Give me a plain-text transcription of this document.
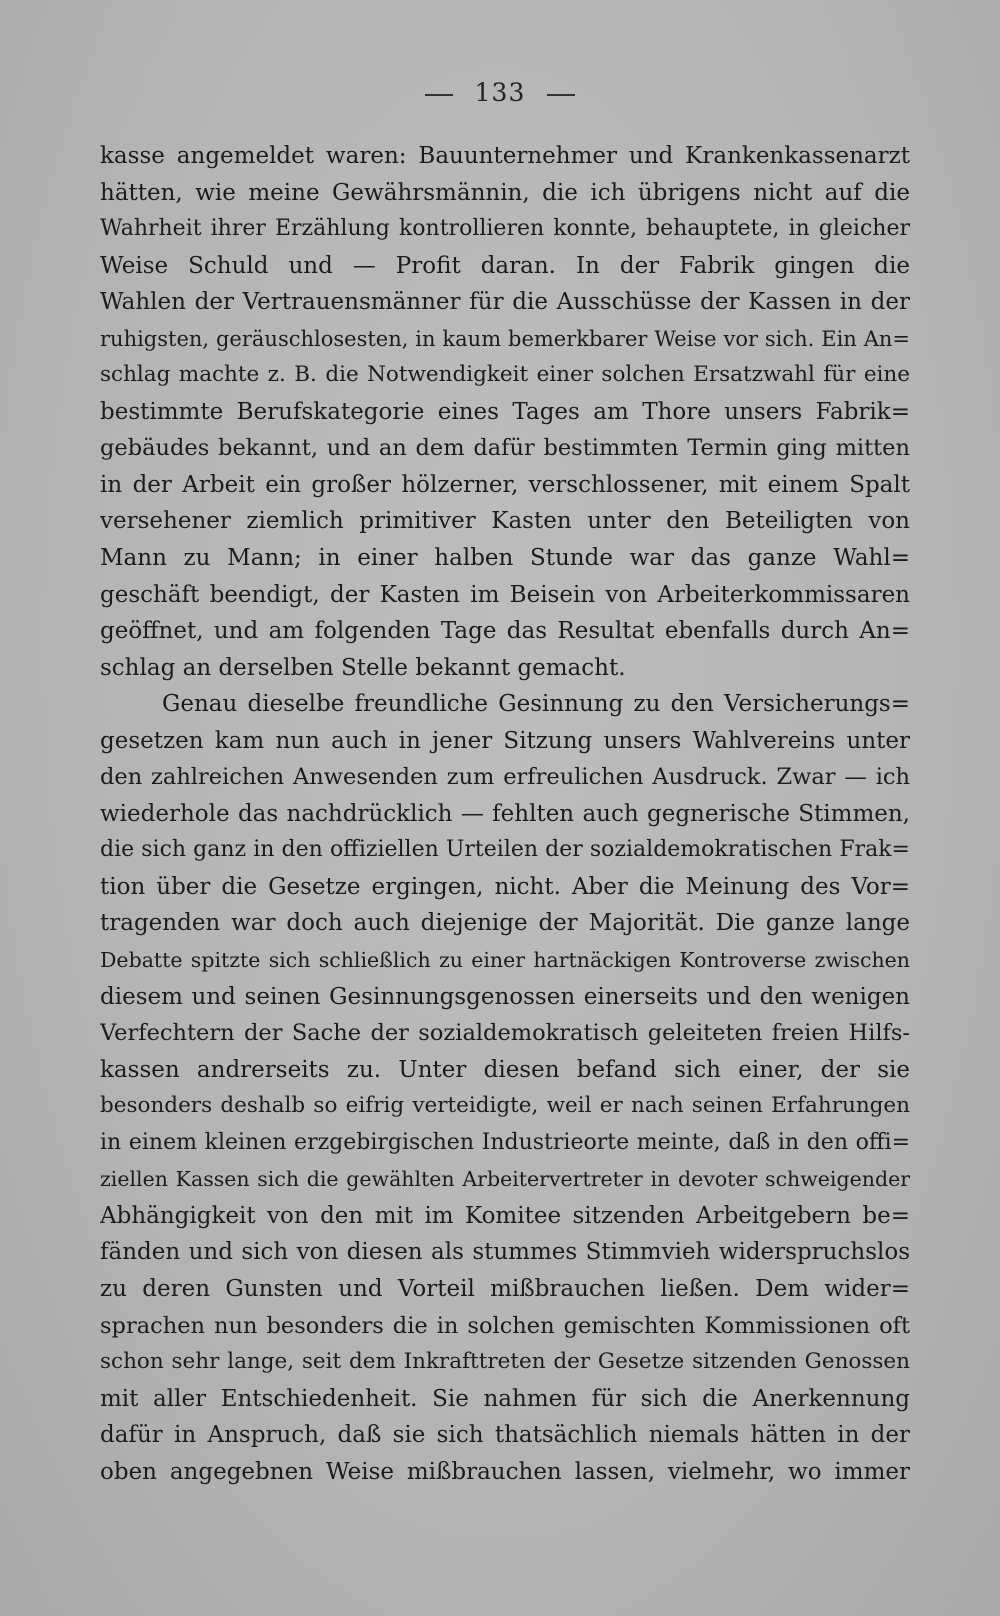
133
kasse angemeldet waren: Bauunternehmer und Krankenkassenarzt
hätten, wie meine Gewährsmännin, die ich übrigens nicht auf die
Wahrheit ihrer Erzählung kontrollieren konnte, behauptete, in gleicher
Weise Schuld und — Profit daran. In der Fabrik gingen die
Wahlen der Vertrauensmänner für die Ausschüsse der Kassen in der
ruhigsten, geräuschlosesten, in kaum bemerkbarer Weise vor sich. Ein An=
schlag machte z. B. die Notwendigkeit einer solchen Ersatzwahl für eine
bestimmte Berufskategorie eines Tages am Thore unsers Fabrik=
gebäudes bekannt, und an dem dafür bestimmten Termin ging mitten
in der Arbeit ein großer hölzerner, verschlossener, mit einem Spalt
versehener ziemlich primitiver Kasten unter den Beteiligten von
Mann zu Mann; in einer halben Stunde war das ganze Wahl=
geschäft beendigt, der Kasten im Beisein von Arbeiterkommissaren
geöffnet, und am folgenden Tage das Resultat ebenfalls durch An=
schlag an derselben Stelle bekannt gemacht.
Genau dieselbe freundliche Gesinnung zu den Versicherungs=
gesetzen kam nun auch in jener Sitzung unsers Wahlvereins unter
den zahlreichen Anwesenden zum erfreulichen Ausdruck. Zwar — ich
wiederhole das nachdrücklich — fehlten auch gegnerische Stimmen,
die sich ganz in den offiziellen Urteilen der sozialdemokratischen Frak=
tion über die Gesetze ergingen, nicht. Aber die Meinung des Vor=
tragenden war doch auch diejenige der Majorität. Die ganze lange
Debatte spitzte sich schließlich zu einer hartnäckigen Kontroverse zwischen
diesem und seinen Gesinnungsgenossen einerseits und den wenigen
Verfechtern der Sache der sozialdemokratisch geleiteten freien Hilfs-
kassen andrerseits zu. Unter diesen befand sich einer, der sie
besonders deshalb so eifrig verteidigte, weil er nach seinen Erfahrungen
in einem kleinen erzgebirgischen Industrieorte meinte, daß in den offi=
ziellen Kassen sich die gewählten Arbeitervertreter in devoter schweigender
Abhängigkeit von den mit im Komitee sitzenden Arbeitgebern be=
fänden und sich von diesen als stummes Stimmvieh widerspruchslos
zu deren Gunsten und Vorteil mißbrauchen ließen. Dem wider=
sprachen nun besonders die in solchen gemischten Kommissionen oft
schon sehr lange, seit dem Inkrafttreten der Gesetze sitzenden Genossen
mit aller Entschiedenheit. Sie nahmen für sich die Anerkennung
dafür in Anspruch, daß sie sich thatsächlich niemals hätten in der
oben angegebnen Weise mißbrauchen lassen, vielmehr, wo immer
